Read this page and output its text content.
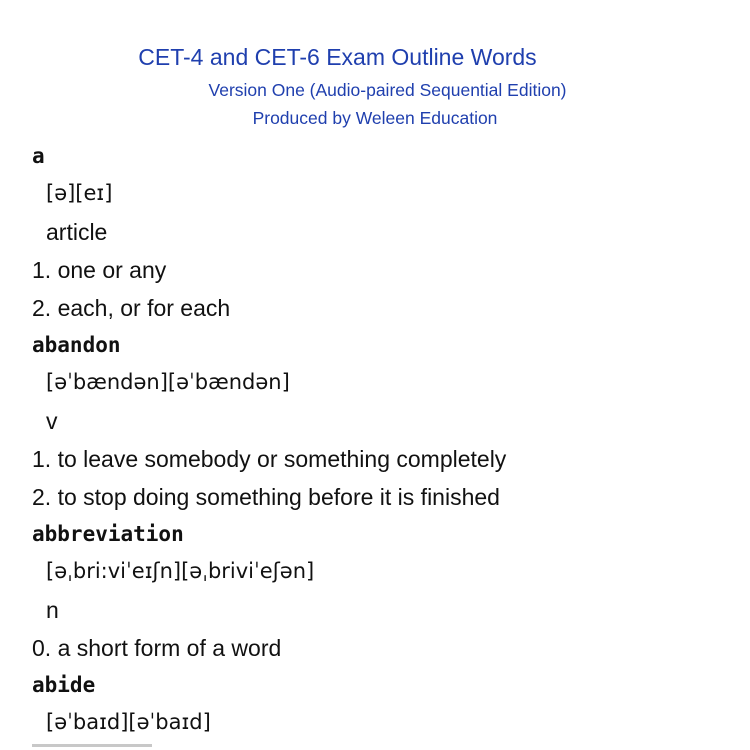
CET-4 and CET-6 Exam Outline Words
Version One (Audio-paired Sequential Edition)
Produced by Weleen Education
a
[ə][eɪ]
article
1. one or any
2. each, or for each
abandon
[əˈbændən][əˈbændən]
v
1. to leave somebody or something completely
2. to stop doing something before it is finished
abbreviation
[əˌbri:viˈeɪʃn][əˌbriviˈeʃən]
n
0. a short form of a word
abide
[əˈbaɪd][əˈbaɪd]
